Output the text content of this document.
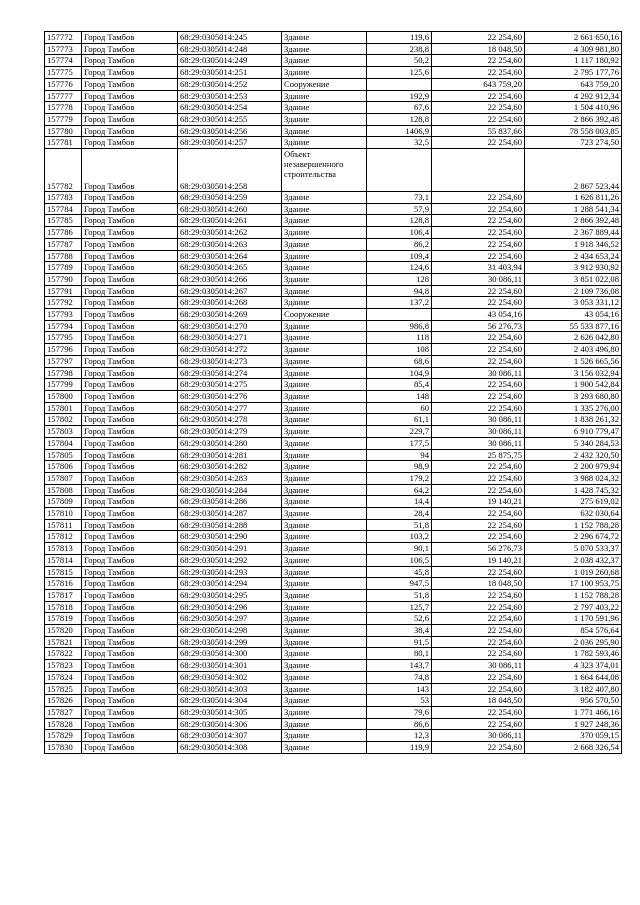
157772	Город Тамбов	68:29:0305014:245	Здание	119,6	22 254,60	2 661 650,16
157773	Город Тамбов	68:29:0305014:248	Здание	238,8	18 048,50	4 309 981,80
157774	Город Тамбов	68:29:0305014:249	Здание	50,2	22 254,60	1 117 180,92
157775	Город Тамбов	68:29:0305014:251	Здание	125,6	22 254,60	2 795 177,76
157776	Город Тамбов	68:29:0305014:252	Сооружение		643 759,20	643 759,20
157777	Город Тамбов	68:29:0305014:253	Здание	192,9	22 254,60	4 292 912,34
157778	Город Тамбов	68:29:0305014:254	Здание	67,6	22 254,60	1 504 410,96
157779	Город Тамбов	68:29:0305014:255	Здание	128,8	22 254,60	2 866 392,48
157780	Город Тамбов	68:29:0305014:256	Здание	1406,9	55 837,66	78 558 003,85
157781	Город Тамбов	68:29:0305014:257	Здание	32,5	22 254,60	723 274,50
157782	Город Тамбов	68:29:0305014:258	Объект незавершенного строительства			2 867 523,44
157783	Город Тамбов	68:29:0305014:259	Здание	73,1	22 254,60	1 626 811,26
157784	Город Тамбов	68:29:0305014:260	Здание	57,9	22 254,60	1 288 541,34
157785	Город Тамбов	68:29:0305014:261	Здание	128,8	22 254,60	2 866 392,48
157786	Город Тамбов	68:29:0305014:262	Здание	106,4	22 254,60	2 367 889,44
157787	Город Тамбов	68:29:0305014:263	Здание	86,2	22 254,60	1 918 346,52
157788	Город Тамбов	68:29:0305014:264	Здание	109,4	22 254,60	2 434 653,24
157789	Город Тамбов	68:29:0305014:265	Здание	124,6	31 403,94	3 912 930,92
157790	Город Тамбов	68:29:0305014:266	Здание	128	30 086,11	3 851 022,08
157791	Город Тамбов	68:29:0305014:267	Здание	94,8	22 254,60	2 109 736,08
157792	Город Тамбов	68:29:0305014:268	Здание	137,2	22 254,60	3 053 331,12
157793	Город Тамбов	68:29:0305014:269	Сооружение		43 054,16	43 054,16
157794	Город Тамбов	68:29:0305014:270	Здание	986,8	56 276,73	55 533 877,16
157795	Город Тамбов	68:29:0305014:271	Здание	118	22 254,60	2 626 042,80
157796	Город Тамбов	68:29:0305014:272	Здание	108	22 254,60	2 403 496,80
157797	Город Тамбов	68:29:0305014:273	Здание	68,6	22 254,60	1 526 665,56
157798	Город Тамбов	68:29:0305014:274	Здание	104,9	30 086,11	3 156 032,94
157799	Город Тамбов	68:29:0305014:275	Здание	85,4	22 254,60	1 900 542,84
157800	Город Тамбов	68:29:0305014:276	Здание	148	22 254,60	3 293 680,80
157801	Город Тамбов	68:29:0305014:277	Здание	60	22 254,60	1 335 276,00
157802	Город Тамбов	68:29:0305014:278	Здание	61,1	30 086,11	1 838 261,32
157803	Город Тамбов	68:29:0305014:279	Здание	229,7	30 086,11	6 910 779,47
157804	Город Тамбов	68:29:0305014:280	Здание	177,5	30 086,11	5 340 284,53
157805	Город Тамбов	68:29:0305014:281	Здание	94	25 875,75	2 432 320,50
157806	Город Тамбов	68:29:0305014:282	Здание	98,9	22 254,60	2 200 979,94
157807	Город Тамбов	68:29:0305014:283	Здание	179,2	22 254,60	3 988 024,32
157808	Город Тамбов	68:29:0305014:284	Здание	64,2	22 254,60	1 428 745,32
157809	Город Тамбов	68:29:0305014:286	Здание	14,4	19 140,21	275 619,02
157810	Город Тамбов	68:29:0305014:287	Здание	28,4	22 254,60	632 030,64
157811	Город Тамбов	68:29:0305014:288	Здание	51,8	22 254,60	1 152 788,28
157812	Город Тамбов	68:29:0305014:290	Здание	103,2	22 254,60	2 296 674,72
157813	Город Тамбов	68:29:0305014:291	Здание	90,1	56 276,73	5 070 533,37
157814	Город Тамбов	68:29:0305014:292	Здание	106,5	19 140,21	2 038 432,37
157815	Город Тамбов	68:29:0305014:293	Здание	45,8	22 254,60	1 019 260,68
157816	Город Тамбов	68:29:0305014:294	Здание	947,5	18 048,50	17 100 953,75
157817	Город Тамбов	68:29:0305014:295	Здание	51,8	22 254,60	1 152 788,28
157818	Город Тамбов	68:29:0305014:296	Здание	125,7	22 254,60	2 797 403,22
157819	Город Тамбов	68:29:0305014:297	Здание	52,6	22 254,60	1 170 591,96
157820	Город Тамбов	68:29:0305014:298	Здание	38,4	22 254,60	854 576,64
157821	Город Тамбов	68:29:0305014:299	Здание	91,5	22 254,60	2 036 295,90
157822	Город Тамбов	68:29:0305014:300	Здание	80,1	22 254,60	1 782 593,46
157823	Город Тамбов	68:29:0305014:301	Здание	143,7	30 086,11	4 323 374,01
157824	Город Тамбов	68:29:0305014:302	Здание	74,8	22 254,60	1 664 644,08
157825	Город Тамбов	68:29:0305014:303	Здание	143	22 254,60	3 182 407,80
157826	Город Тамбов	68:29:0305014:304	Здание	53	18 048,50	956 570,50
157827	Город Тамбов	68:29:0305014:305	Здание	79,6	22 254,60	1 771 466,16
157828	Город Тамбов	68:29:0305014:306	Здание	86,6	22 254,60	1 927 248,36
157829	Город Тамбов	68:29:0305014:307	Здание	12,3	30 086,11	370 059,15
157830	Город Тамбов	68:29:0305014:308	Здание	119,9	22 254,60	2 668 326,54
